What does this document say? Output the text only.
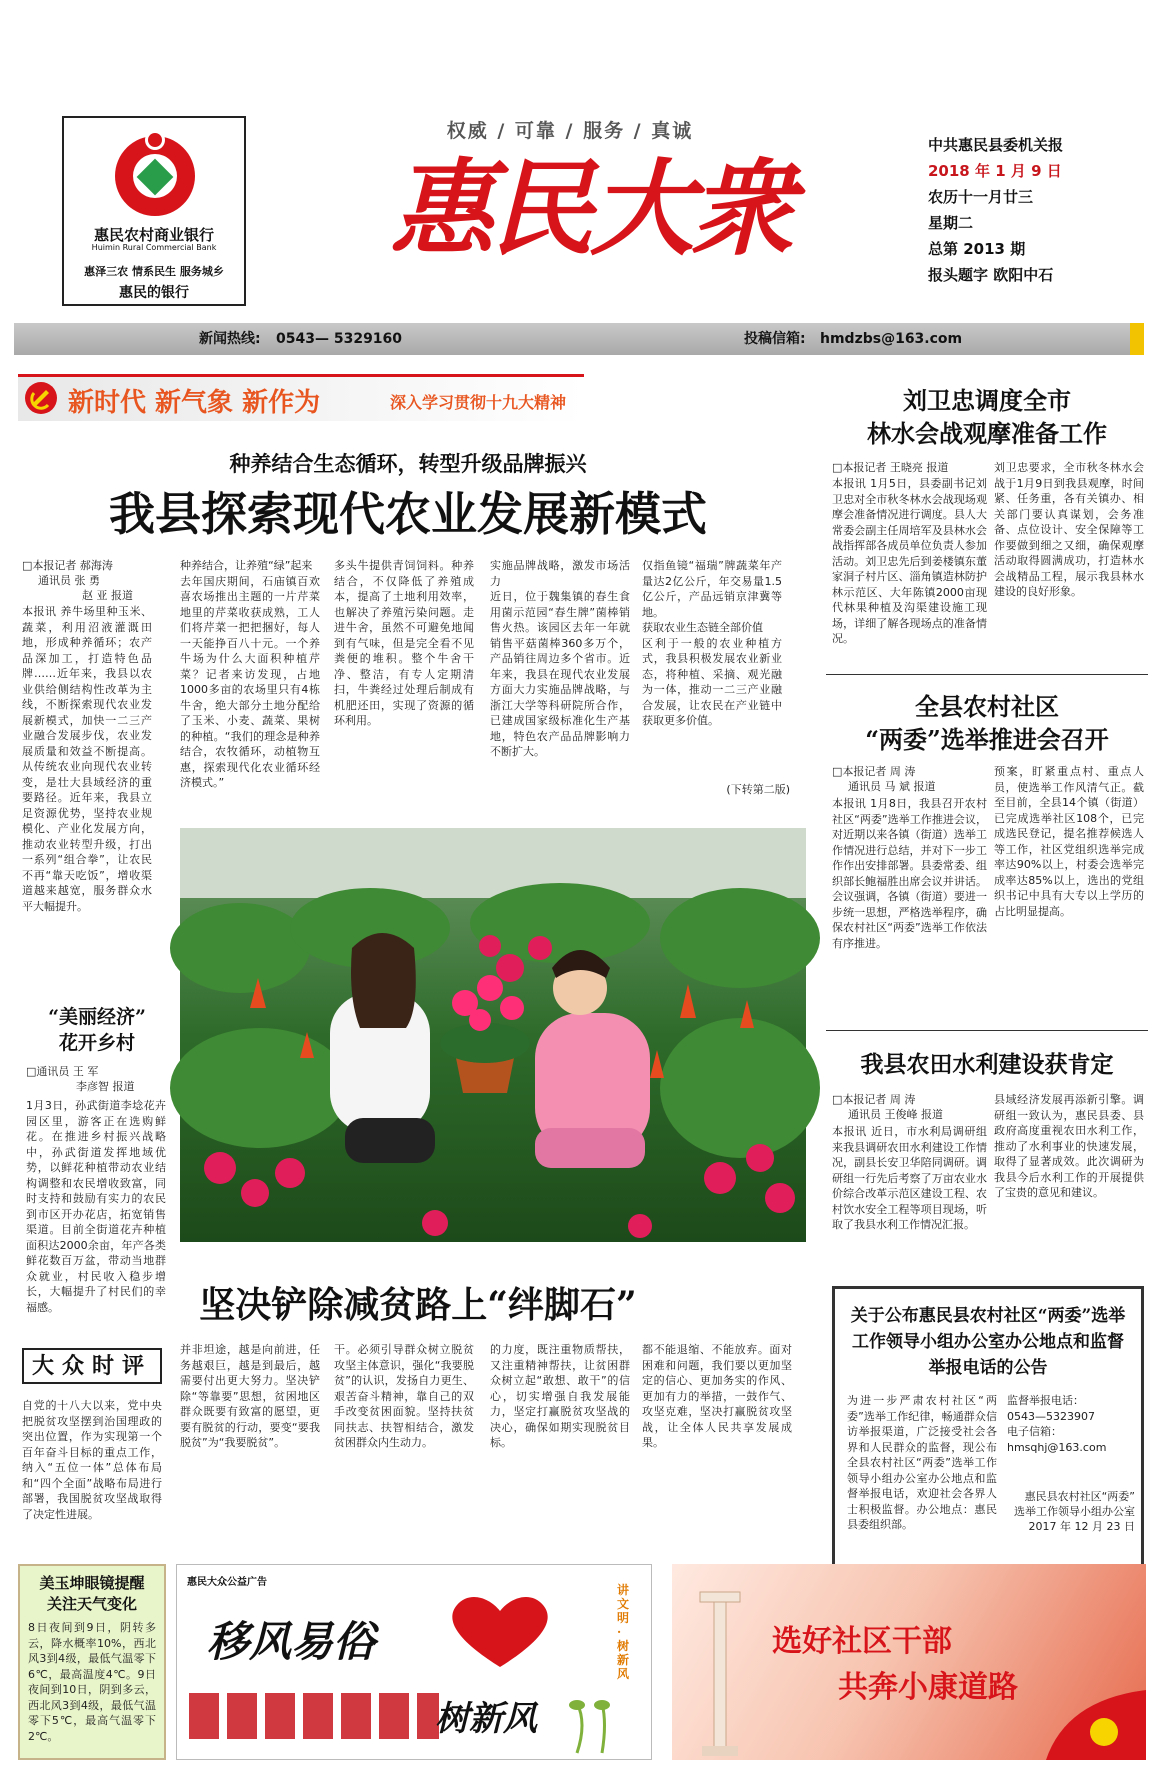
惠民农村商业银行
Huimin Rural Commercial Bank
惠泽三农 情系民生 服务城乡
惠民的银行
权威 / 可靠 / 服务 / 真诚
惠民大衆
中共惠民县委机关报
2018 年 1 月 9 日
农历十一月廿三
星期二
总第 2013 期
报头题字 欧阳中石
新闻热线: 0543— 5329160	投稿信箱: hmdzbs@163.com
新时代 新气象 新作为	深入学习贯彻十九大精神
种养结合生态循环，转型升级品牌振兴
我县探索现代农业发展新模式
□本报记者 郝海涛
通讯员 张 勇
赵 亚 报道
本报讯 养牛场里种玉米、蔬菜，利用沼液灌溉田地，形成种养循环；农产品深加工，打造特色品牌……近年来，我县以农业供给侧结构性改革为主线，不断探索现代农业发展新模式，加快一二三产业融合发展步伐，农业发展质量和效益不断提高。从传统农业向现代农业转变，是壮大县域经济的重要路径。近年来，我县立足资源优势，坚持农业规模化、产业化发展方向，推动农业转型升级，打出一系列“组合拳”，让农民不再“靠天吃饭”，增收渠道越来越宽，服务群众水平大幅提升。
种养结合，让养殖“绿”起来
去年国庆期间，石庙镇百欢喜农场推出主题的一片芹菜地里的芹菜收获成熟，工人们将芹菜一把把捆好，每人一天能挣百八十元。一个养牛场为什么大面积种植芹菜？记者来访发现，占地1000多亩的农场里只有4栋牛舍，绝大部分土地分配给了玉米、小麦、蔬菜、果树的种植。“我们的理念是种养结合，农牧循环，动植物互惠，探索现代化农业循环经济模式。”
多头牛提供青饲饲料。种养结合，不仅降低了养殖成本，提高了土地利用效率，也解决了养殖污染问题。走进牛舍，虽然不可避免地闻到有气味，但是完全看不见粪便的堆积。整个牛舍干净、整洁，有专人定期清扫，牛粪经过处理后制成有机肥还田，实现了资源的循环利用。
实施品牌战略，激发市场活力
近日，位于魏集镇的春生食用菌示范园“春生牌”菌棒销售火热。该园区去年一年就销售平菇菌棒360多万个，产品销往周边多个省市。近年来，我县在现代农业发展方面大力实施品牌战略，与浙江大学等科研院所合作，已建成国家级标准化生产基地，特色农产品品牌影响力不断扩大。
仅指鱼镜“福瑞”牌蔬菜年产量达2亿公斤，年交易量1.5亿公斤，产品远销京津冀等地。
获取农业生态链全部价值
区利于一般的农业种植方式，我县积极发展农业新业态，将种植、采摘、观光融为一体，推动一二三产业融合发展，让农民在产业链中获取更多价值。
(下转第二版)
“美丽经济”
花开乡村
□通讯员 王 军
李彦智 报道
1月3日，孙武街道李埝花卉园区里，游客正在选购鲜花。在推进乡村振兴战略中，孙武街道发挥地域优势，以鲜花种植带动农业结构调整和农民增收致富，同时支持和鼓励有实力的农民到市区开办花店，拓宽销售渠道。目前全街道花卉种植面积达2000余亩，年产各类鲜花数百万盆，带动当地群众就业，村民收入稳步增长，大幅提升了村民们的幸福感。
刘卫忠调度全市
林水会战观摩准备工作
□本报记者 王晓亮 报道
本报讯 1月5日，县委副书记刘卫忠对全市秋冬林水会战现场观摩会准备情况进行调度。县人大常委会副主任周培军及县林水会战指挥部各成员单位负责人参加活动。刘卫忠先后到姜楼镇东董家洞子村片区、淄角镇造林防护林示范区、大年陈镇2000亩现代林果种植及沟渠建设施工现场，详细了解各现场点的准备情况。
刘卫忠要求，全市秋冬林水会战于1月9日到我县观摩，时间紧、任务重，各有关镇办、相关部门要认真谋划，会务准备、点位设计、安全保障等工作要做到细之又细，确保观摩活动取得圆满成功，打造林水会战精品工程，展示我县林水建设的良好形象。
全县农村社区
“两委”选举推进会召开
□本报记者 周 涛
通讯员 马 斌 报道
本报讯 1月8日，我县召开农村社区“两委”选举工作推进会议，对近期以来各镇（街道）选举工作情况进行总结，并对下一步工作作出安排部署。县委常委、组织部长鲍福胜出席会议并讲话。会议强调，各镇（街道）要进一步统一思想，严格选举程序，确保农村社区“两委”选举工作依法有序推进。
预案，盯紧重点村、重点人员，使选举工作风清气正。截至目前，全县14个镇（街道）已完成选举社区108个，已完成选民登记，提名推荐候选人等工作，社区党组织选举完成率达90%以上，村委会选举完成率达85%以上，选出的党组织书记中具有大专以上学历的占比明显提高。
我县农田水利建设获肯定
□本报记者 周 涛
通讯员 王俊峰 报道
本报讯 近日，市水利局调研组来我县调研农田水利建设工作情况，副县长安卫华陪同调研。调研组一行先后考察了万亩农业水价综合改革示范区建设工程、农村饮水安全工程等项目现场，听取了我县水利工作情况汇报。
县域经济发展再添新引擎。调研组一致认为，惠民县委、县政府高度重视农田水利工作，推动了水利事业的快速发展，取得了显著成效。此次调研为我县今后水利工作的开展提供了宝贵的意见和建议。
坚决铲除减贫路上“绊脚石”
大众时评
自党的十八大以来，党中央把脱贫攻坚摆到治国理政的突出位置，作为实现第一个百年奋斗目标的重点工作，纳入“五位一体”总体布局和“四个全面”战略布局进行部署，我国脱贫攻坚战取得了决定性进展。
并非坦途，越是向前进，任务越艰巨，越是到最后，越需要付出更大努力。坚决铲除“等靠要”思想，贫困地区群众既要有致富的愿望，更要有脱贫的行动，要变“要我脱贫”为“我要脱贫”。
干。必须引导群众树立脱贫攻坚主体意识，强化“我要脱贫”的认识，发扬自力更生、艰苦奋斗精神，靠自己的双手改变贫困面貌。坚持扶贫同扶志、扶智相结合，激发贫困群众内生动力。
的力度，既注重物质帮扶，又注重精神帮扶，让贫困群众树立起“敢想、敢干”的信心，切实增强自我发展能力，坚定打赢脱贫攻坚战的决心，确保如期实现脱贫目标。
都不能退缩、不能放弃。面对困难和问题，我们要以更加坚定的信心、更加务实的作风、更加有力的举措，一鼓作气、攻坚克难，坚决打赢脱贫攻坚战，让全体人民共享发展成果。
关于公布惠民县农村社区“两委”选举工作领导小组办公室办公地点和监督举报电话的公告
为进一步严肃农村社区“两委”选举工作纪律，畅通群众信访举报渠道，广泛接受社会各界和人民群众的监督，现公布全县农村社区“两委”选举工作领导小组办公室办公地点和监督举报电话，欢迎社会各界人士积极监督。办公地点：惠民县委组织部。
监督举报电话：
0543—5323907
电子信箱：
hmsqhj@163.com
惠民县农村社区“两委”
选举工作领导小组办公室
2017 年 12 月 23 日
美玉坤眼镜提醒
关注天气变化
8日夜间到9日，阴转多云，降水概率10%，西北风3到4级，最低气温零下6℃，最高温度4℃。9日夜间到10日，阴到多云，西北风3到4级，最低气温零下5℃，最高气温零下2℃。
惠民大众公益广告
移风易俗
树新风
讲文明·树新风
选好社区干部
共奔小康道路
